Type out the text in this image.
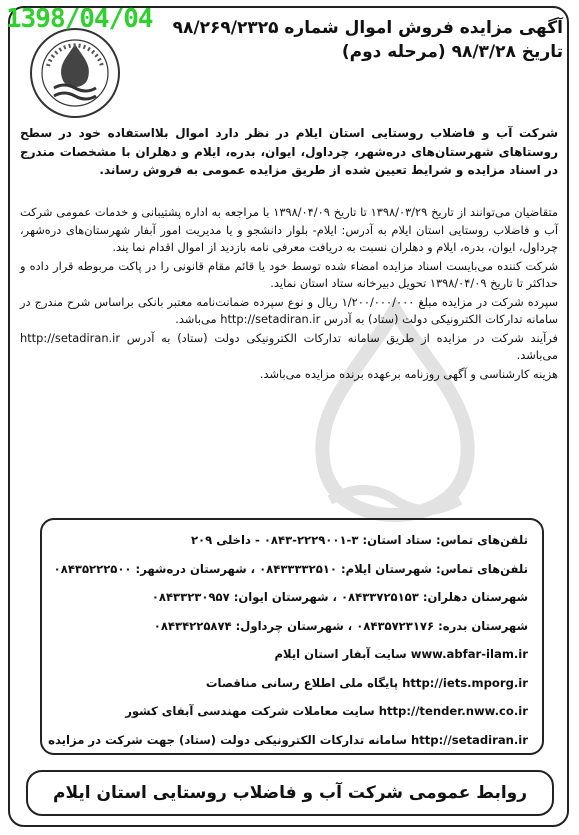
1398/04/04	آگهی مزایده فروش اموال شماره ۹۸/۲۶۹/۲۳۲۵
تاریخ ۹۸/۳/۲۸ (مرحله دوم)

شرکت آب و فاضلاب روستایی استان ایلام در نظر دارد اموال بلااستفاده خود در سطح روستاهای شهرستان‌های دره‌شهر، چرداول، ایوان، بدره، ایلام و دهلران با مشخصات مندرج در اسناد مزایده و شرایط تعیین شده از طریق مزایده عمومی به فروش رساند.

متقاضیان می‌توانند از تاریخ ۱۳۹۸/۰۳/۲۹ تا تاریخ ۱۳۹۸/۰۴/۰۹ با مراجعه به اداره پشتیبانی و خدمات عمومی شرکت آب و فاضلاب روستایی استان ایلام به آدرس: ایلام- بلوار دانشجو و یا مدیریت امور آبفار شهرستان‌های دره‌شهر، چرداول، ایوان، بدره، ایلام و دهلران نسبت به دریافت معرفی نامه بازدید از اموال اقدام نما یند.

شرکت کننده می‌بایست اسناد مزایده امضاء شده توسط خود یا قائم مقام قانونی را در پاکت مربوطه قرار داده و حداکثر تا تاریخ ۱۳۹۸/۰۴/۰۹ تحویل دبیرخانه ستاد استان نماید.

سپرده شرکت در مزایده مبلغ ۱/۲۰۰/۰۰۰/۰۰۰ ریال و نوع سپرده ضمانت‌نامه معتبر بانکی براساس شرح مندرج در سامانه تدارکات الکترونیکی دولت (ستاد) به آدرس http://setadiran.ir می‌باشد.

فرآیند شرکت در مزایده از طریق سامانه تدارکات الکترونیکی دولت (ستاد) به آدرس http://setadiran.ir می‌باشد.

هزینه کارشناسی و آگهی روزنامه برعهده برنده مزایده می‌باشد.

تلفن‌های تماس: ستاد استان: ۳-۲۲۲۹۰۰۱-۰۸۴۳ - داخلی ۲۰۹
تلفن‌های تماس: شهرستان ایلام: ۰۸۴۳۳۳۳۲۵۱۰ ، شهرستان دره‌شهر: ۰۸۴۳۵۲۲۲۵۰۰
شهرستان دهلران: ۰۸۴۳۳۷۲۵۱۵۳ ، شهرستان ایوان: ۰۸۴۳۳۲۳۰۹۵۷
شهرستان بدره: ۰۸۴۳۵۷۲۳۱۷۶ ، شهرستان چرداول: ۰۸۴۳۴۲۲۵۸۷۴
www.abfar-ilam.ir سایت آبفار استان ایلام
http://iets.mporg.ir پایگاه ملی اطلاع رسانی مناقصات
http://tender.nww.co.ir سایت معاملات شرکت مهندسی آبفای کشور
http://setadiran.ir سامانه تدارکات الکترونیکی دولت (ستاد) جهت شرکت در مزایده
روابط عمومی شرکت آب و فاضلاب روستایی استان ایلام
